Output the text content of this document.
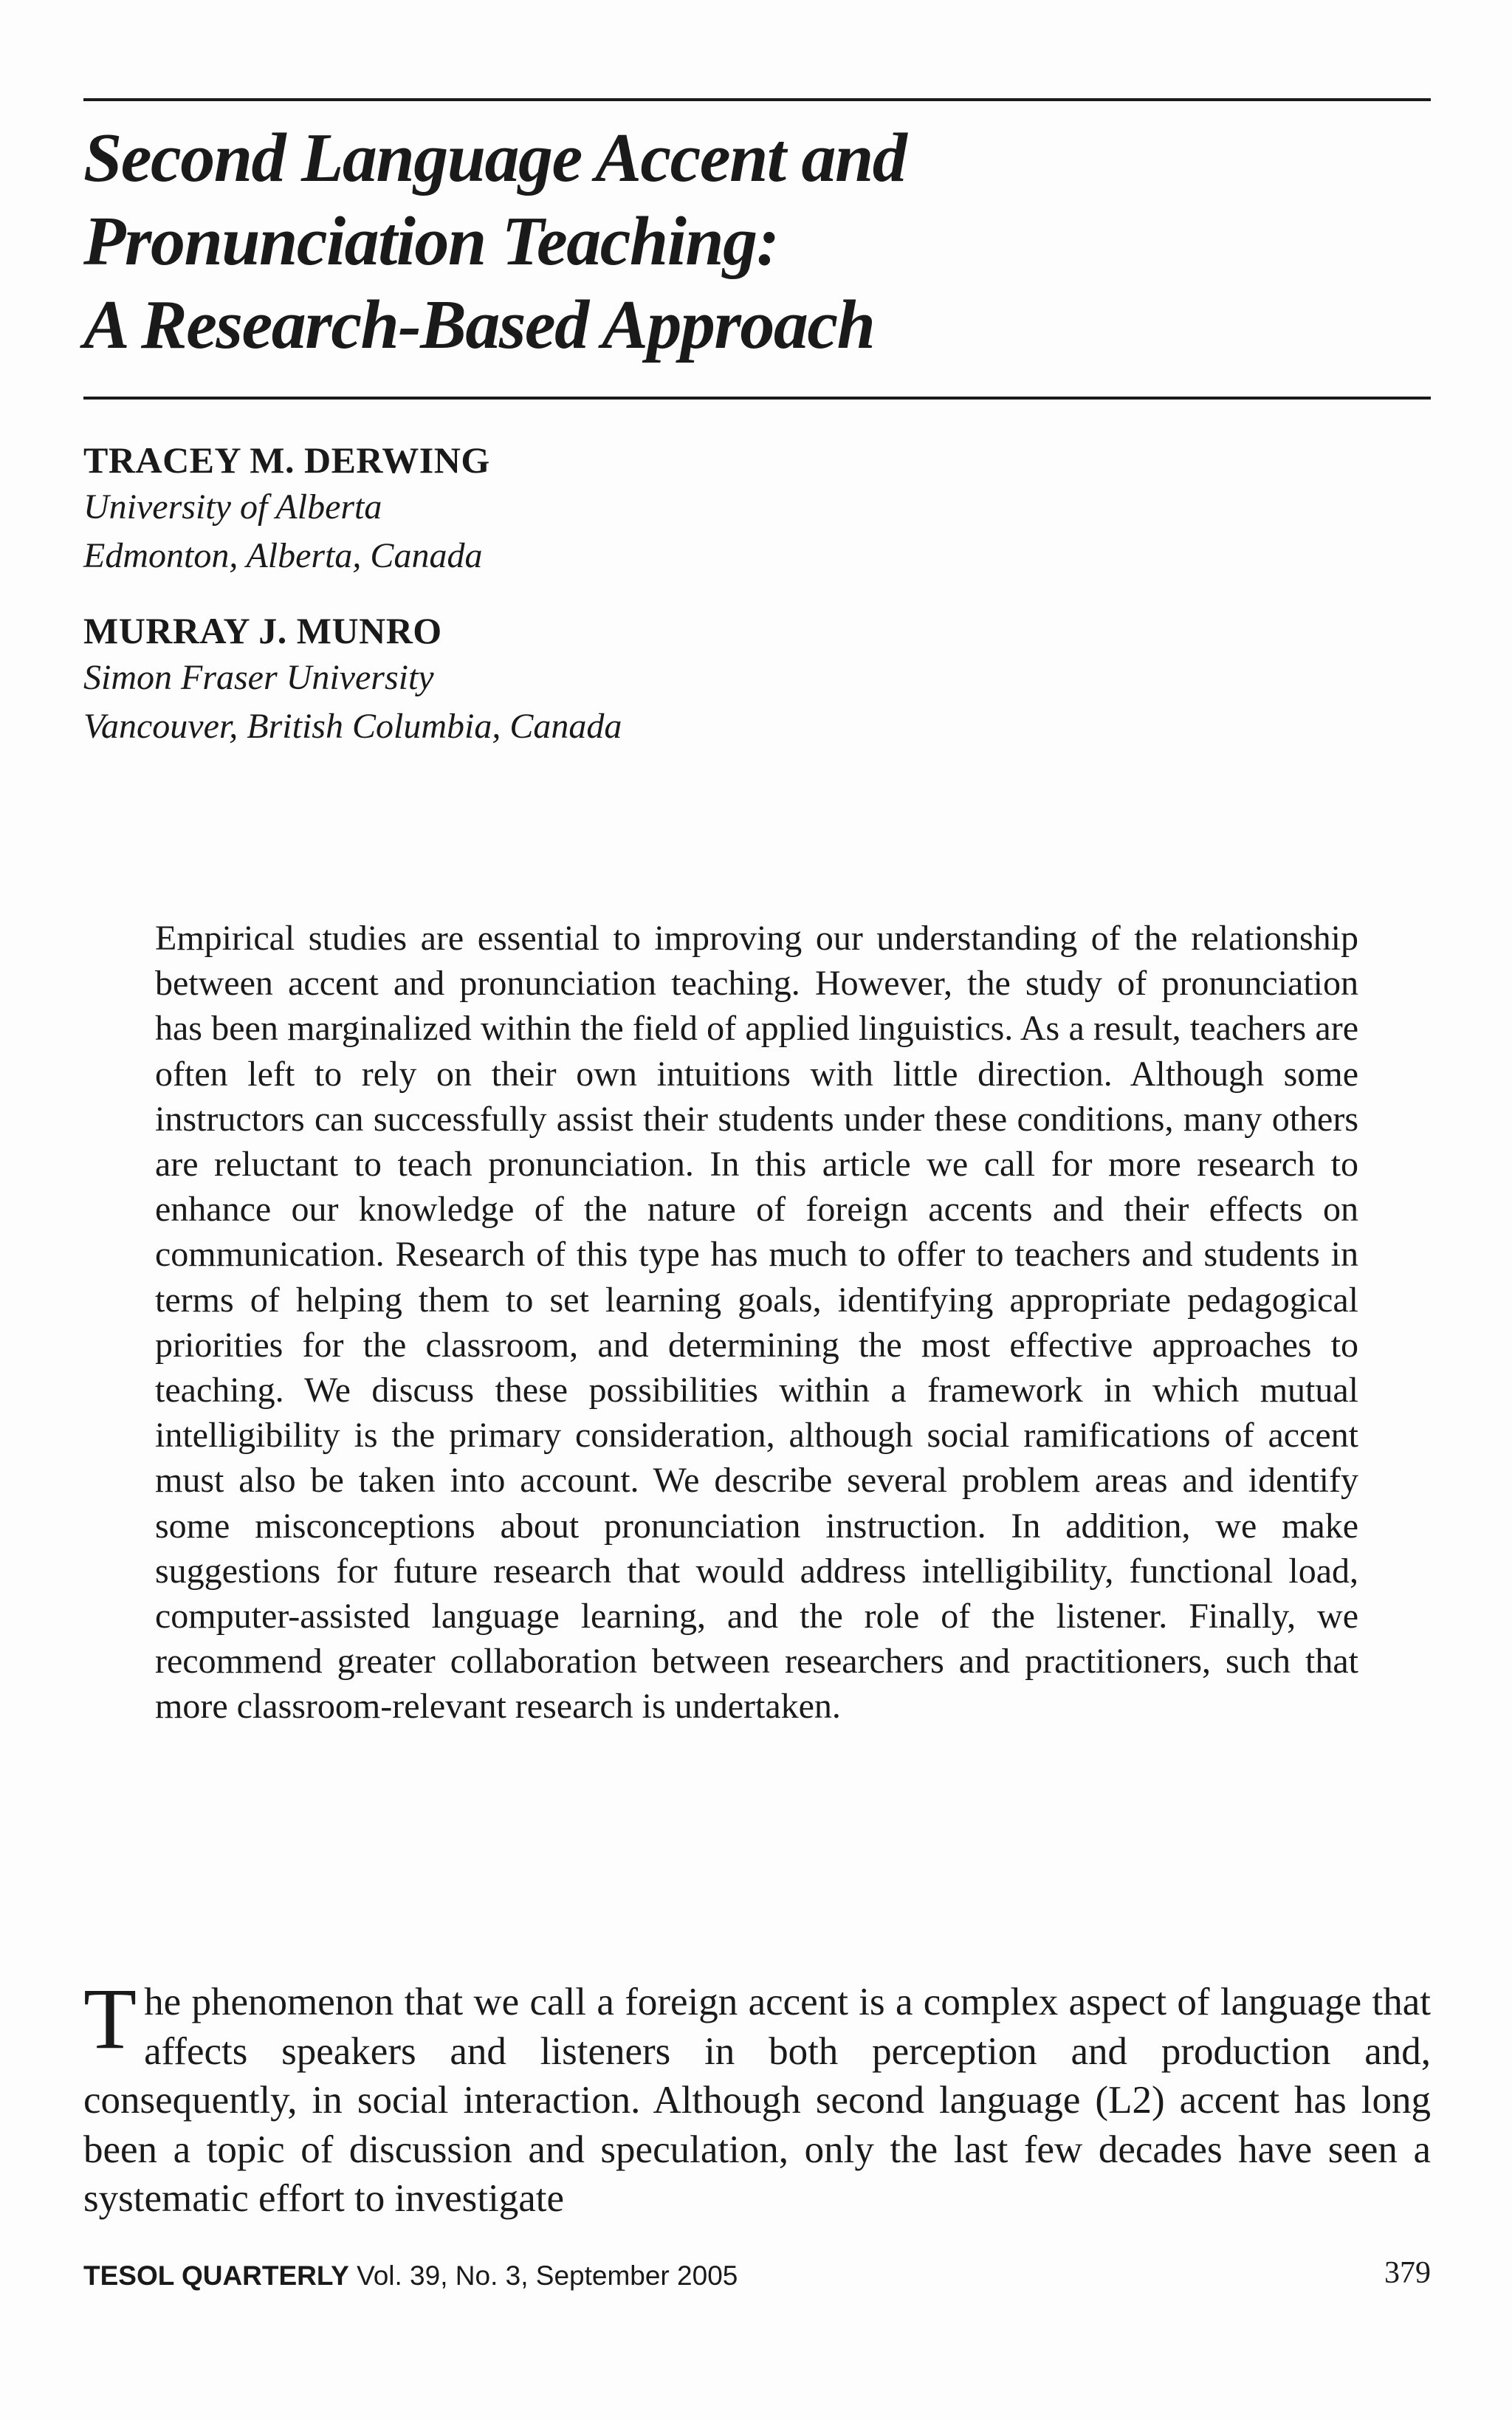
Second Language Accent and
Pronunciation Teaching:
A Research-Based Approach
TRACEY M. DERWING
University of Alberta
Edmonton, Alberta, Canada
MURRAY J. MUNRO
Simon Fraser University
Vancouver, British Columbia, Canada

Empirical studies are essential to improving our understanding of the relationship between accent and pronunciation teaching. However, the study of pronunciation has been marginalized within the field of applied linguistics. As a result, teachers are often left to rely on their own intuitions with little direction. Although some instructors can successfully assist their students under these conditions, many others are reluctant to teach pronunciation. In this article we call for more research to enhance our knowledge of the nature of foreign accents and their effects on communication. Research of this type has much to offer to teachers and students in terms of helping them to set learning goals, identifying appropriate pedagogical priorities for the classroom, and determining the most effective approaches to teaching. We discuss these possibilities within a framework in which mutual intelligibility is the primary consideration, although social ramifications of accent must also be taken into account. We describe several problem areas and identify some misconceptions about pronunciation instruction. In addition, we make suggestions for future research that would address intelligibility, functional load, computer-assisted language learning, and the role of the listener. Finally, we recommend greater collaboration between researchers and practitioners, such that more classroom-relevant research is undertaken.

The phenomenon that we call a foreign accent is a complex aspect of language that affects speakers and listeners in both perception and production and, consequently, in social interaction. Although second language (L2) accent has long been a topic of discussion and speculation, only the last few decades have seen a systematic effort to investigate

TESOL QUARTERLY Vol. 39, No. 3, September 2005	379
